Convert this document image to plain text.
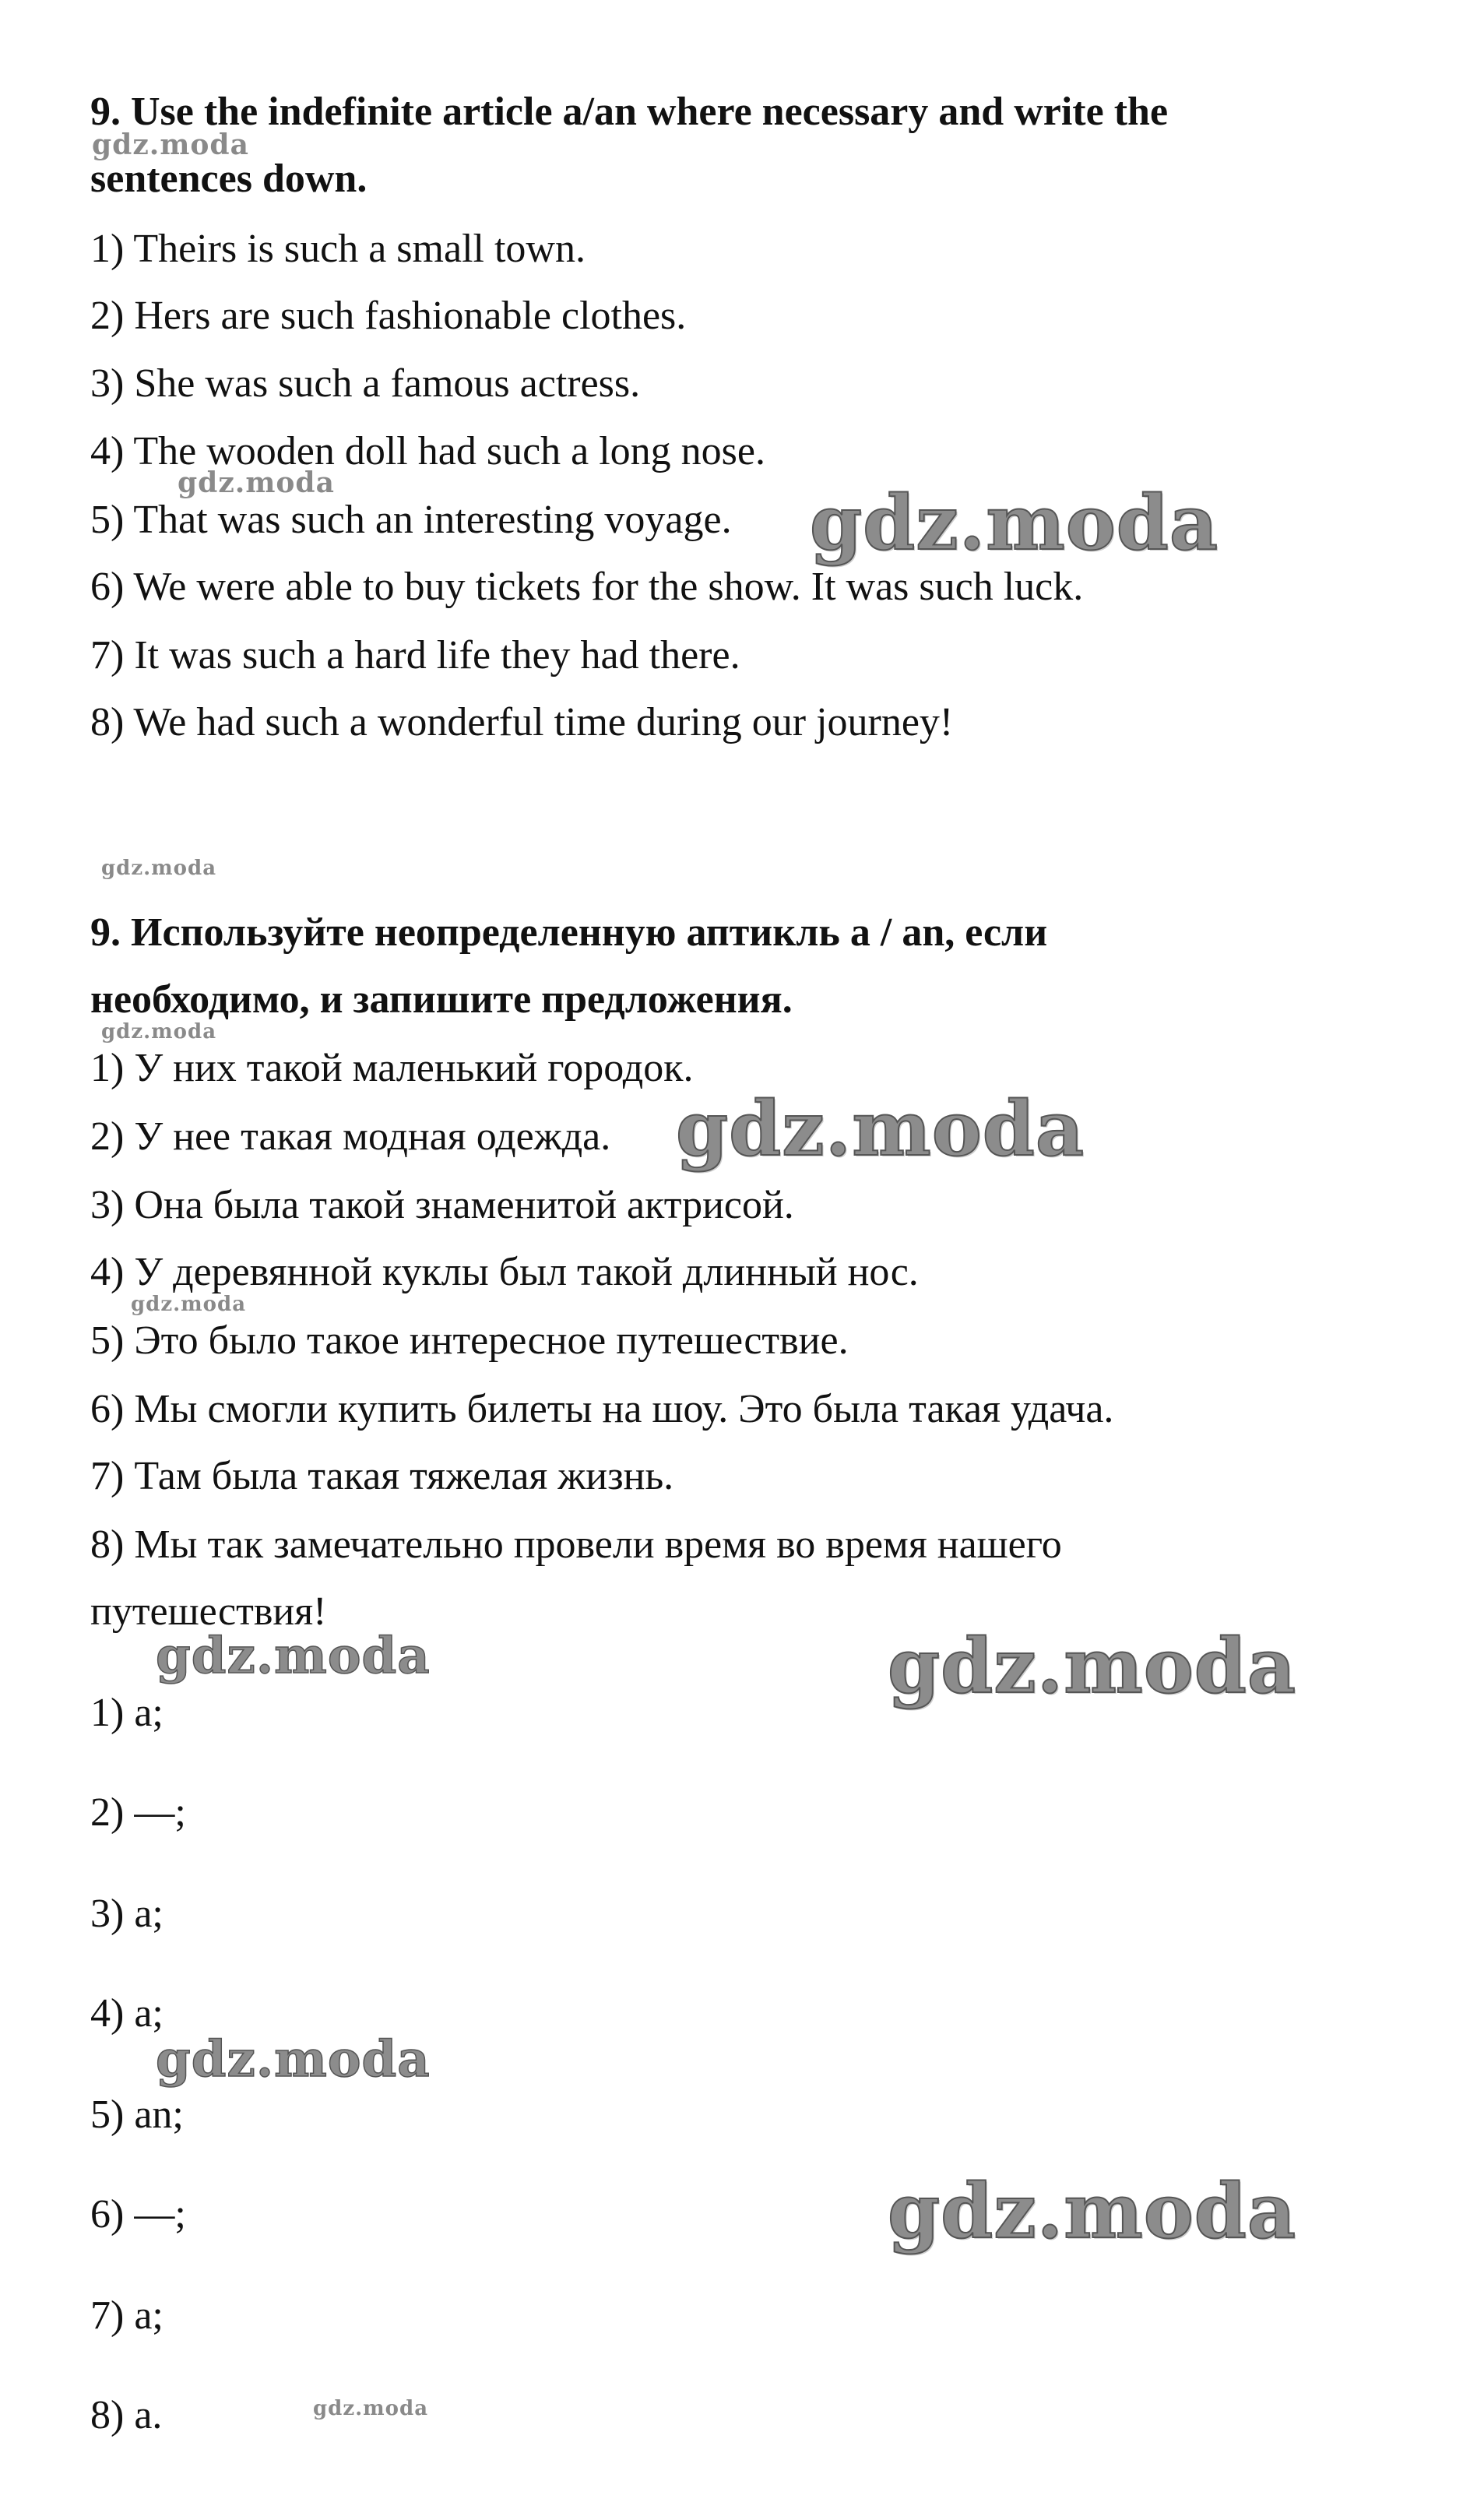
9. Use the indefinite article a/an where necessary and write the

sentences down.

1) Theirs is such a small town.

2) Hers are such fashionable clothes.

3) She was such a famous actress.

4) The wooden doll had such a long nose.

5) That was such an interesting voyage.

6) We were able to buy tickets for the show. It was such luck.

7) It was such a hard life they had there.

8) We had such a wonderful time during our journey!

9. Используйте неопределенную аптикль a / an, если

необходимо, и запишите предложения.

1) У них такой маленький городок.

2) У нее такая модная одежда.

3) Она была такой знаменитой актрисой.

4) У деревянной куклы был такой длинный нос.

5) Это было такое интересное путешествие.

6) Мы смогли купить билеты на шоу. Это была такая удача.

7) Там была такая тяжелая жизнь.

8) Мы так замечательно провели время во время нашего

путешествия!

1) a;

2) —;

3) a;

4) a;

5) an;

6) —;

7) a;

8) a.

gdz.moda
gdz.moda	gdz.moda
gdz.moda
gdz.moda
gdz.moda
gdz.moda
gdz.moda	gdz.moda
gdz.moda
gdz.moda
gdz.moda
